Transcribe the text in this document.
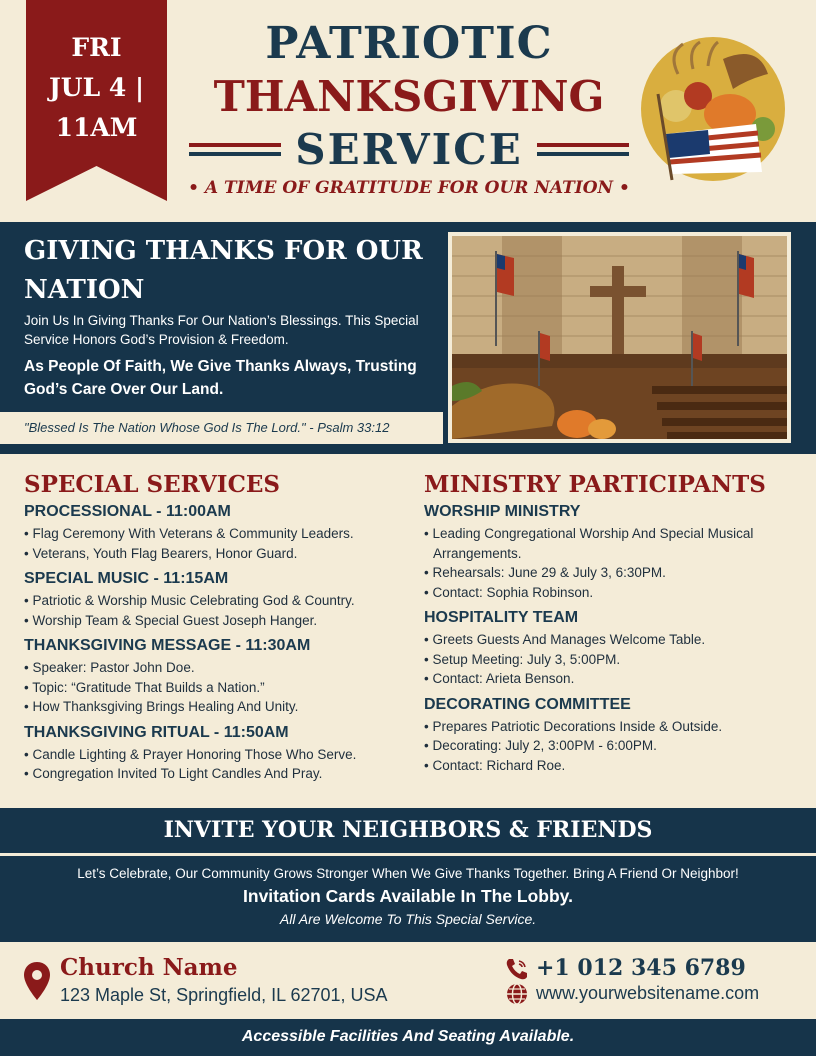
FRI
JUL 4 |
11AM
PATRIOTIC
THANKSGIVING
SERVICE
• A TIME OF GRATITUDE FOR OUR NATION •
GIVING THANKS FOR OUR NATION
Join Us In Giving Thanks For Our Nation’s Blessings. This Special Service Honors God’s Provision & Freedom.
As People Of Faith, We Give Thanks Always, Trusting God’s Care Over Our Land.
"Blessed Is The Nation Whose God Is The Lord." - Psalm 33:12
SPECIAL SERVICES
PROCESSIONAL - 11:00AM
• Flag Ceremony With Veterans & Community Leaders.
• Veterans, Youth Flag Bearers, Honor Guard.
SPECIAL MUSIC - 11:15AM
• Patriotic & Worship Music Celebrating God & Country.
• Worship Team & Special Guest Joseph Hanger.
THANKSGIVING MESSAGE - 11:30AM
• Speaker: Pastor John Doe.
• Topic: “Gratitude That Builds a Nation.”
• How Thanksgiving Brings Healing And Unity.
THANKSGIVING RITUAL - 11:50AM
• Candle Lighting & Prayer Honoring Those Who Serve.
• Congregation Invited To Light Candles And Pray.
MINISTRY PARTICIPANTS
WORSHIP MINISTRY
• Leading Congregational Worship And Special Musical Arrangements.
• Rehearsals: June 29 & July 3, 6:30PM.
• Contact: Sophia Robinson.
HOSPITALITY TEAM
• Greets Guests And Manages Welcome Table.
• Setup Meeting: July 3, 5:00PM.
• Contact: Arieta Benson.
DECORATING COMMITTEE
• Prepares Patriotic Decorations Inside & Outside.
• Decorating: July 2, 3:00PM - 6:00PM.
• Contact: Richard Roe.
INVITE YOUR NEIGHBORS & FRIENDS
Let’s Celebrate, Our Community Grows Stronger When We Give Thanks Together. Bring A Friend Or Neighbor!
Invitation Cards Available In The Lobby.
All Are Welcome To This Special Service.
Church Name
123 Maple St, Springfield, IL 62701, USA
+1 012 345 6789
www.yourwebsitename.com
Accessible Facilities And Seating Available.
